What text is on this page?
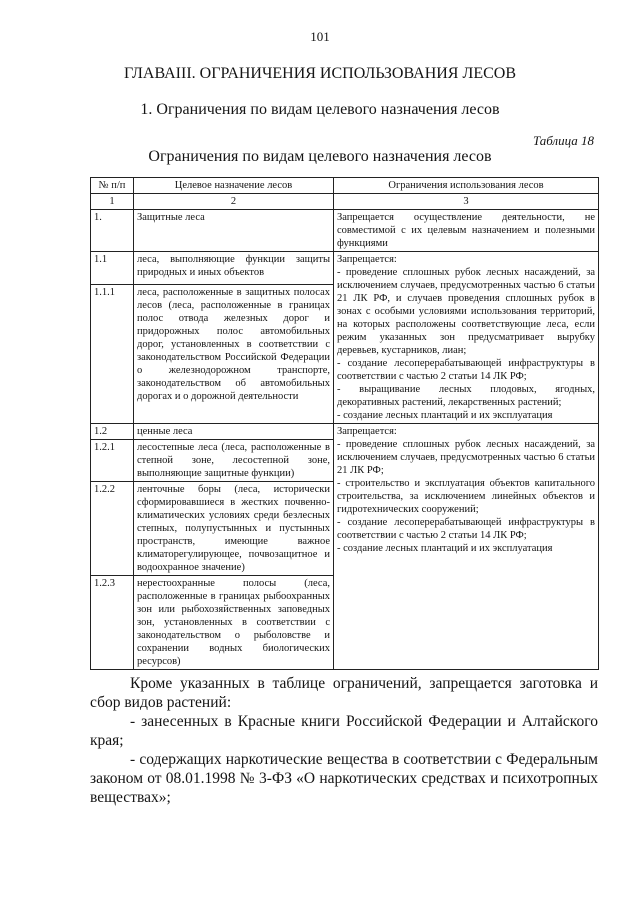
101
ГЛАВАIII. ОГРАНИЧЕНИЯ ИСПОЛЬЗОВАНИЯ ЛЕСОВ
1. Ограничения по видам целевого назначения лесов
Таблица 18
Ограничения по видам целевого назначения лесов
№ п/п	Целевое назначение лесов	Ограничения использования лесов
1	2	3
1.	Защитные леса	Запрещается осуществление деятельности, не совместимой с их целевым назначением и полезными функциями
1.1	леса, выполняющие функции защиты природных и иных объектов	Запрещается:
- проведение сплошных рубок лесных насаждений, за исключением случаев, предусмотренных частью 6 статьи 21 ЛК РФ, и случаев проведения сплошных рубок в зонах с особыми условиями использования территорий, на которых расположены соответствующие леса, если режим указанных зон предусматривает вырубку деревьев, кустарников, лиан;
- создание лесоперерабатывающей инфраструктуры в соответствии с частью 2 статьи 14 ЛК РФ;
- выращивание лесных плодовых, ягодных, декоративных растений, лекарственных растений;
- создание лесных плантаций и их эксплуатация

1.1.1	леса, расположенные в защитных полосах лесов (леса, расположенные в границах полос отвода железных дорог и придорожных полос автомобильных дорог, установленных в соответствии с законодательством Российской Федерации о железнодорожном транспорте, законодательством об автомобильных дорогах и о дорожной деятельности	
1.2	ценные леса	Запрещается:
- проведение сплошных рубок лесных насаждений, за исключением случаев, предусмотренных частью 6 статьи 21 ЛК РФ;
- строительство и эксплуатация объектов капитального строительства, за исключением линейных объектов и гидротехнических сооружений;
- создание лесоперерабатывающей инфраструктуры в соответствии с частью 2 статьи 14 ЛК РФ;
- создание лесных плантаций и их эксплуатация

1.2.1	лесостепные леса (леса, расположенные в степной зоне, лесостепной зоне, выполняющие защитные функции)	
1.2.2	ленточные боры (леса, исторически сформировавшиеся в жестких почвенно-климатических условиях среди безлесных степных, полупустынных и пустынных пространств, имеющие важное климаторегулирующее, почвозащитное и водоохранное значение)	
1.2.3	нерестоохранные полосы (леса, расположенные в границах рыбоохранных зон или рыбохозяйственных заповедных зон, установленных в соответствии с законодательством о рыболовстве и сохранении водных биологических ресурсов)	
Кроме указанных в таблице ограничений, запрещается заготовка и сбор видов растений:
- занесенных в Красные книги Российской Федерации и Алтайского края;
- содержащих наркотические вещества в соответствии с Федеральным законом от 08.01.1998 № 3-ФЗ «О наркотических средствах и психотропных веществах»;
